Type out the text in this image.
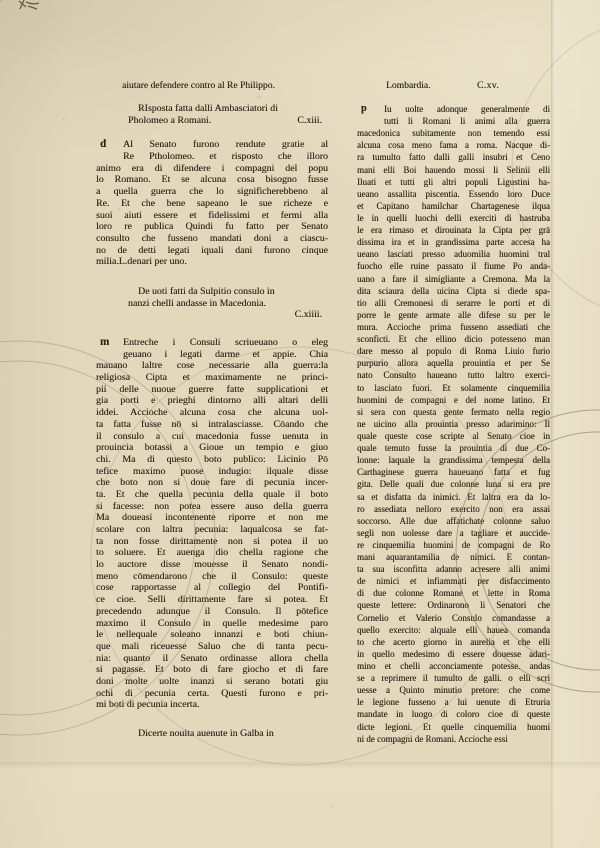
aiutare defendere contro al Re Philippo.	Lombardia.	C.xv.
RIsposta fatta dalli Ambasciatori di
Pholomeo a Romani.	C.xiii.
d	Al Senato furono rendute gratie al
Re Ptholomeo. et risposto che illoro
animo era di difendere i compagni del popu
lo Romano. Et se alcuna cosa bisogno fusse
a quella guerra che lo significherebbeno al
Re. Et che bene sapeano le sue richeze e
suoi aiuti essere et fidelissimi et fermi alla
loro re publica Quindi fu fatto per Senato
consulto che fusseno mandati doni a ciascu-
no de detti legati iquali dani furono cinque
milia.L.denari per uno.
De uoti fatti da Sulpitio consulo in
nanzi chelli andasse in Macedonia.
C.xiiii.
m	Entreche i Consuli scriueuano o eleg
geuano i legati darme et appie. Chia
mauano laltre cose necessarie alla guerra:la
religiosa Cipta et maximamente ne princi-
pii delle nuoue guerre fatte supplicationi et
gia porti e prieghi dintorno alli altari delli
iddei. Accioche alcuna cosa che alcuna uol-
ta fatta fusse nō si intralasciasse. Cōando che
il consulo a cui macedonia fusse uenuta in
prouincia botassi a Gioue un tempio e giuo
chi. Ma di questo boto publico: Licinio Pō
tefice maximo puose indugio: ilquale disse
che boto non si doue fare di pecunia incer-
ta. Et che quella pecunia della quale il boto
si facesse: non potea essere auso della guerra
Ma doueasi incontenente riporre et non me
scolare con laltra pecunia: laqualcosa se fat-
ta non fosse dirittamente non si potea il uo
to soluere. Et auenga dio chella ragione che
lo auctore disse mouesse il Senato nondi-
meno cōmendarono che il Consulo: queste
cose rapportasse al collegio del Pontifi-
ce cioe. Selli dirittamente fare si potea. Et
precedendo adunque il Consulo. Il pōtefice
maximo il Consulo in quelle medesime paro
le nellequale soleano innanzi e boti chiun-
que mali riceuesse Saluo che di tanta pecu-
nia: quanto il Senato ordinasse allora chella
si pagasse. Et boto di fare giocho et di fare
doni molte uolte inanzi si serano botati giu
ochi di pecunia certa. Questi furono e pri-
mi boti di pecunia incerta.
Dicerte nouita auenute in Galba in
p	Iu uolte adonque generalmente di
tutti li Romani li animi alla guerra
macedonica subitamente non temendo essi
alcuna cosa meno fama a roma. Nacque di-
ra tumulto fatto dalli galli insubri et Ceno
mani elli Boi hauendo mossi li Selinii elli
Iluati et tutti gli altri populi Ligustini ha-
ueano assallita piscentia. Essendo loro Duce
et Capitano hamilchar Chartagenese ilqua
le in quelli luochi delli exerciti di hastruba
le era rimaso et dirouinata la Cipta per grā
dissima ira et in grandissima parte accesa ha
ueano lasciati presso aduomilia huomini tral
fuocho elle ruine passato il fiume Po anda-
uano a fare il simigliante a Cremona. Ma la
dita sciaura della uicina Cipta si diede spa-
tio alli Cremonesi di serarre le porti et di
porre le gente armate alle difese su per le
mura. Accioche prima fusseno assediati che
sconficti. Et che ellino dicio potesseno man
dare messo al populo di Roma Liuio furio
purpurio allora aquella prouintia et per Se
nato Consulto haueano tutto laltro exerci-
to lasciato fuori. Et solamente cinquemilia
huomini de compagni e del nome latino. Et
si sera con questa gente fermato nella regio
ne uicino alla prouintia presso adarimino: Il
quale queste cose scripte al Senato cioe in
quale temuto fusse la prouintia di due Co-
lonne: laquale la grandissima tempesta della
Carthaginese guerra haueuano fatta et fug
gita. Delle quali due colonne luna si era pre
sa et disfatta da inimici. Et laltra era da lo-
ro assediata nelloro exercito non era assai
soccorso. Alle due affatichate colonne saluo
segli non uolesse dare a tagliare et auccide-
re cinquemilia huomini de compagni de Ro
mani aquarantamilia de nimici. E contan-
ta sua isconfitta adanno acresere alli animi
de nimici et infiammati per disfaccimento
di due colonne Romane et lette in Roma
queste lettere: Ordinarono li Senatori che
Cornelio et Valerio Consulo comandasse a
quello exercito: alquale elli hauea comanda
to che acerto giorno in aurelia et che elli
in quello medesimo di essere douesse adari-
mino et chelli acconciamente potesse. andas
se a reprimere il tumulto de galli. o elli scri
uesse a Quinto minutio pretore: che come
le legione fusseno a lui uenute di Etruria
mandate in luogo di coloro cioe di queste
dicte legioni. Et quelle cinquemilia huomi
ni de compagni de Romani. Accioche essi
